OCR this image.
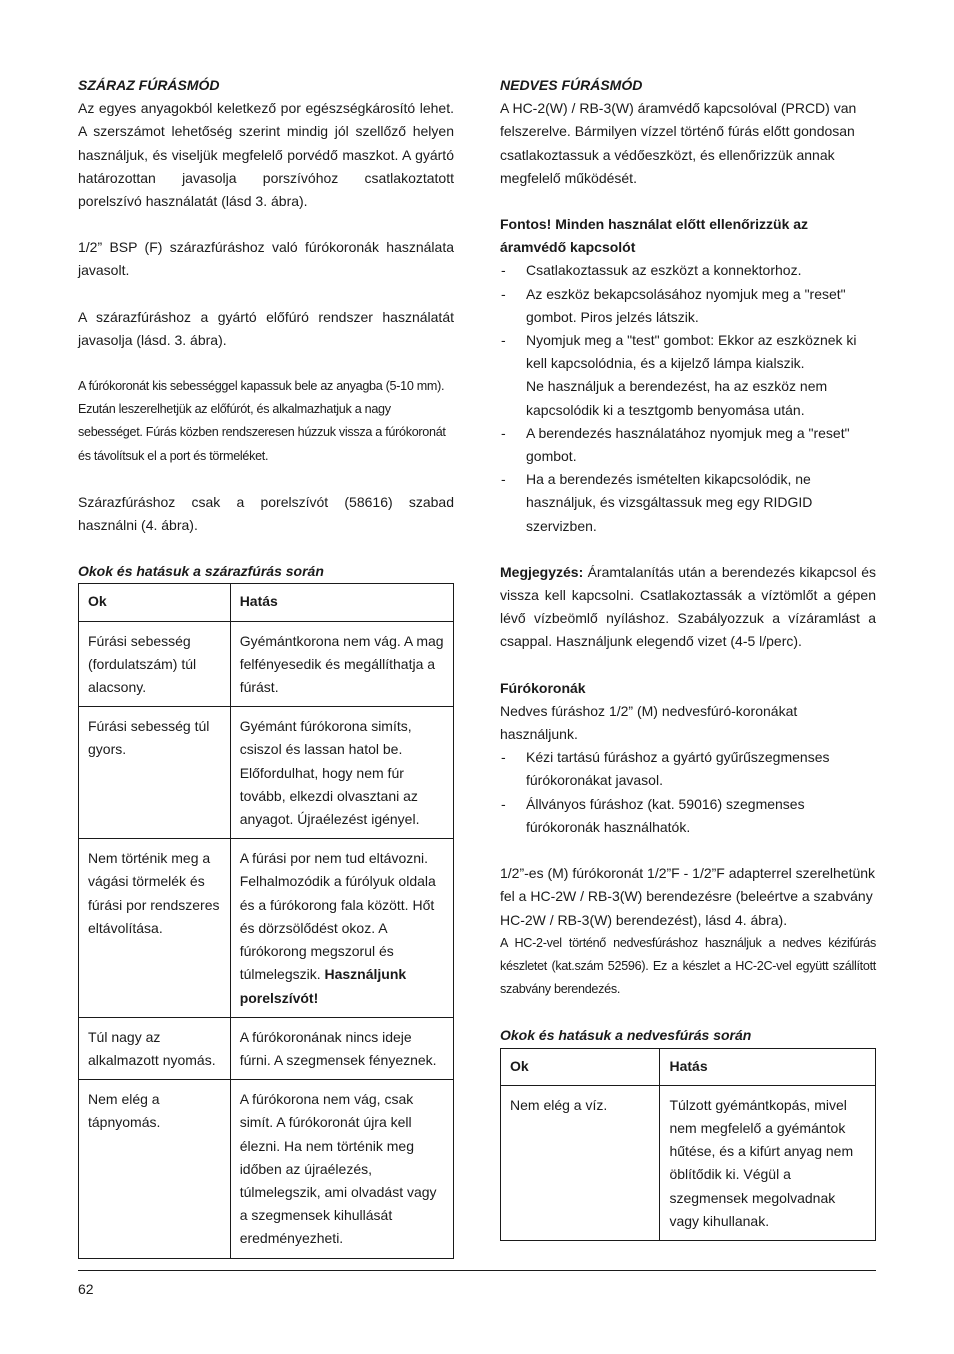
SZÁRAZ FÚRÁSMÓD

Az egyes anyagokból keletkező por egészségkárosító lehet. A szerszámot lehetőség szerint mindig jól szellőző helyen használjuk, és viseljük megfelelő porvédő maszkot. A gyártó határozottan javasolja porszívóhoz csatlakoztatott porelszívó használatát (lásd 3. ábra).

1/2” BSP (F) szárazfúráshoz való fúrókoronák használata javasolt.

A szárazfúráshoz a gyártó előfúró rendszer használatát javasolja (lásd. 3. ábra).

A fúrókoronát kis sebességgel kapassuk bele az anyagba (5-10 mm). Ezután leszerelhetjük az előfúrót, és alkalmazhatjuk a nagy sebességet. Fúrás közben rendszeresen húzzuk vissza a fúrókoronát és távolítsuk el a port és törmeléket.

Szárazfúráshoz csak a porelszívót (58616) szabad használni (4. ábra).

Okok és hatásuk a szárazfúrás során

Ok	Hatás
Fúrási sebesség (fordulatszám) túl alacsony.	Gyémántkorona nem vág. A mag felfényesedik és megállíthatja a fúrást.
Fúrási sebesség túl gyors.	Gyémánt fúrókorona simíts, csiszol és lassan hatol be. Előfordulhat, hogy nem fúr tovább, elkezdi olvasztani az anyagot. Újraélezést igényel.
Nem történik meg a vágási törmelék és fúrási por rendszeres eltávolítása.	A fúrási por nem tud eltávozni. Felhalmozódik a fúrólyuk oldala és a fúrókorong fala között. Hőt és dörzsölődést okoz. A fúrókorong megszorul és túlmelegszik. Használjunk porelszívót!
Túl nagy az alkalmazott nyomás.	A fúrókoronának nincs ideje fúrni. A szegmensek fényeznek.
Nem elég a tápnyomás.	A fúrókorona nem vág, csak simít. A fúrókoronát újra kell élezni. Ha nem történik meg időben az újraélezés, túlmelegszik, ami olvadást vagy a szegmensek kihullását eredményezheti.

NEDVES FÚRÁSMÓD

A HC-2(W) / RB-3(W) áramvédő kapcsolóval (PRCD) van felszerelve. Bármilyen vízzel történő fúrás előtt gondosan csatlakoztassuk a védőeszközt, és ellenőrizzük annak megfelelő működését.

Fontos! Minden használat előtt ellenőrizzük az áramvédő kapcsolót

- Csatlakoztassuk az eszközt a konnektorhoz.
- Az eszköz bekapcsolásához nyomjuk meg a "reset" gombot. Piros jelzés látszik.
- Nyomjuk meg a "test" gombot: Ekkor az eszköznek ki kell kapcsolódnia, és a kijelző lámpa kialszik.
Ne használjuk a berendezést, ha az eszköz nem kapcsolódik ki a tesztgomb benyomása után.
- A berendezés használatához nyomjuk meg a "reset" gombot.
- Ha a berendezés ismételten kikapcsolódik, ne használjuk, és vizsgáltassuk meg egy RIDGID szervizben.

Megjegyzés: Áramtalanítás után a berendezés kikapcsol és vissza kell kapcsolni. Csatlakoztassák a vízt​ömlőt a gépen lévő vízbeömlő nyíláshoz. Szabályozzuk a vízáramlást a csappal. Használjunk elegendő vizet (4-5 l/perc).

Fúrókoronák

Nedves fúráshoz 1/2” (M) nedvesfúró-koronákat használjunk.

- Kézi tartású fúráshoz a gyártó gyűrűszegmenses fúrókoronákat javasol.
- Állványos fúráshoz (kat. 59016) szegmenses fúrókoronák használhatók.

1/2”-es (M) fúrókoronát 1/2”F - 1/2”F adapterrel szerelhetünk fel a HC-2W / RB-3(W) berendezésre (beleértve a szabvány HC-2W / RB-3(W) berendezést), lásd 4. ábra).

A HC-2-vel történő nedvesfúráshoz használjuk a nedves kézifúrás készletet (kat.szám 52596). Ez a készlet a HC-2C-vel együtt szállított szabvány berendezés.

Okok és hatásuk a nedvesfúrás során

Ok	Hatás
Nem elég a víz.	Túlzott gyémántkopás, mivel nem megfelelő a gyémántok hűtése, és a kifúrt anyag nem öblítődik ki. Végül a szegmensek megolvadnak vagy kihullanak.
62
